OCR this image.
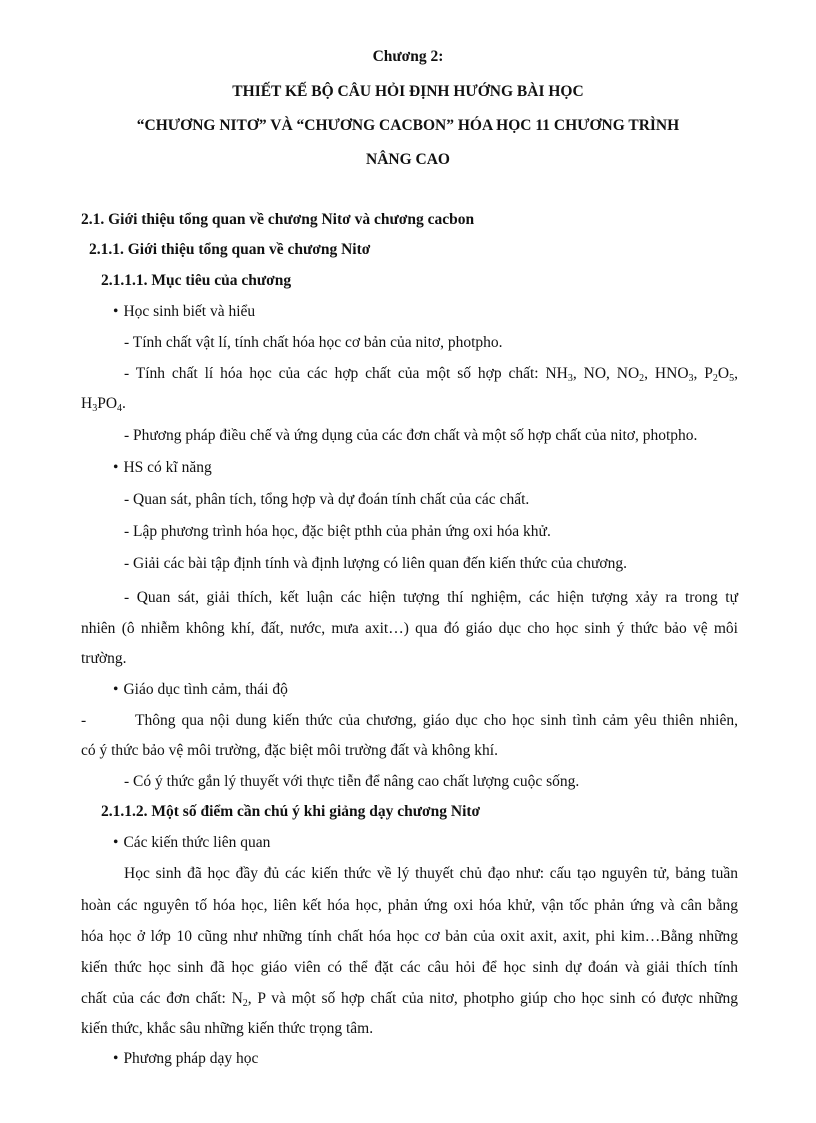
Chương 2:
THIẾT KẾ BỘ CÂU HỎI ĐỊNH HƯỚNG BÀI HỌC
“CHƯƠNG NITƠ” VÀ “CHƯƠNG CACBON” HÓA HỌC 11 CHƯƠNG TRÌNH
NÂNG CAO
2.1. Giới thiệu tổng quan về chương Nitơ và chương cacbon
2.1.1. Giới thiệu tổng quan về chương Nitơ
2.1.1.1. Mục tiêu của chương
• Học sinh biết và hiểu
- Tính chất vật lí, tính chất hóa học cơ bản của nitơ, photpho.
- Tính chất lí hóa học của các hợp chất của một số hợp chất: $NH_3$, NO, $NO_2$, $HNO_3$, $P_2O_5$,
$H_3PO_4$.
- Phương pháp điều chế và ứng dụng của các đơn chất và một số hợp chất của nitơ, photpho.
• HS có kĩ năng
- Quan sát, phân tích, tổng hợp và dự đoán tính chất của các chất.
- Lập phương trình hóa học, đặc biệt pthh của phản ứng oxi hóa khử.
- Giải các bài tập định tính và định lượng có liên quan đến kiến thức của chương.
- Quan sát, giải thích, kết luận các hiện tượng thí nghiệm, các hiện tượng xảy ra trong tự
nhiên (ô nhiễm không khí, đất, nước, mưa axit…) qua đó giáo dục cho học sinh ý thức bảo vệ môi
trường.
• Giáo dục tình cảm, thái độ
-	Thông qua nội dung kiến thức của chương, giáo dục cho học sinh tình cảm yêu thiên nhiên,
có ý thức bảo vệ môi trường, đặc biệt môi trường đất và không khí.
- Có ý thức gắn lý thuyết với thực tiễn để nâng cao chất lượng cuộc sống.
2.1.1.2. Một số điểm cần chú ý khi giảng dạy chương Nitơ
• Các kiến thức liên quan
Học sinh đã học đầy đủ các kiến thức về lý thuyết chủ đạo như: cấu tạo nguyên tử, bảng tuần
hoàn các nguyên tố hóa học, liên kết hóa học, phản ứng oxi hóa khử, vận tốc phản ứng và cân bằng
hóa học ở lớp 10 cũng như những tính chất hóa học cơ bản của oxit axit, axit, phi kim…Bằng những
kiến thức học sinh đã học giáo viên có thể đặt các câu hỏi để học sinh dự đoán và giải thích tính
chất của các đơn chất: $N_2$, P và một số hợp chất của nitơ, photpho giúp cho học sinh có được những
kiến thức, khắc sâu những kiến thức trọng tâm.
• Phương pháp dạy học
